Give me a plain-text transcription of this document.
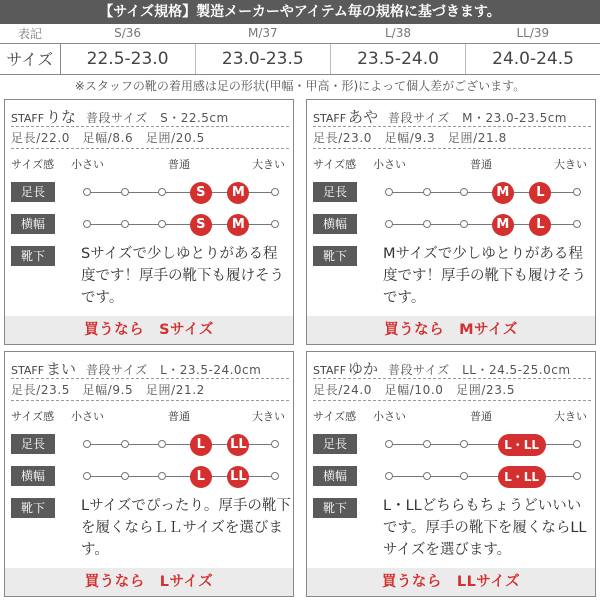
【サイズ規格】製造メーカーやアイテム毎の規格に基づきます。
表記	S/36	M/37	L/38	LL/39
サイズ	22.5-23.0	23.0-23.5	23.5-24.0	24.0-24.5
※スタッフの靴の着用感は足の形状(甲幅・甲高・形)によって個人差がございます。
STAFF りな 普段サイズ　S・22.5cm
足長/22.0　足幅/8.6　足囲/20.5
サイズ感 小さい	普通	大きい
足長	S	M
横幅	S	M
靴下	Sサイズで少しゆとりがある程度です！厚手の靴下も履けそうです。
買うなら　Sサイズ
STAFF あや 普段サイズ　M・23.0-23.5cm
足長/23.0　足幅/9.3　足囲/21.8
サイズ感 小さい	普通	大きい
足長	M	L
横幅	M	L
靴下	Mサイズで少しゆとりがある程度です！厚手の靴下も履けそうです。
買うなら　Mサイズ
STAFF まい 普段サイズ　L・23.5-24.0cm
足長/23.5　足幅/9.5　足囲/21.2
サイズ感 小さい	普通	大きい
足長	L	LL
横幅	L	LL
靴下	Lサイズでぴったり。厚手の靴下を履くならＬＬサイズを選びます。
買うなら　Lサイズ
STAFF ゆか 普段サイズ　LL・24.5-25.0cm
足長/24.0　足幅/10.0　足囲/23.5
サイズ感 小さい	普通	大きい
足長	L・LL
横幅	L・LL
靴下	L・LLどちらもちょうどいいいです。厚手の靴下を履くならLLサイズを選びます。
買うなら　LLサイズ
